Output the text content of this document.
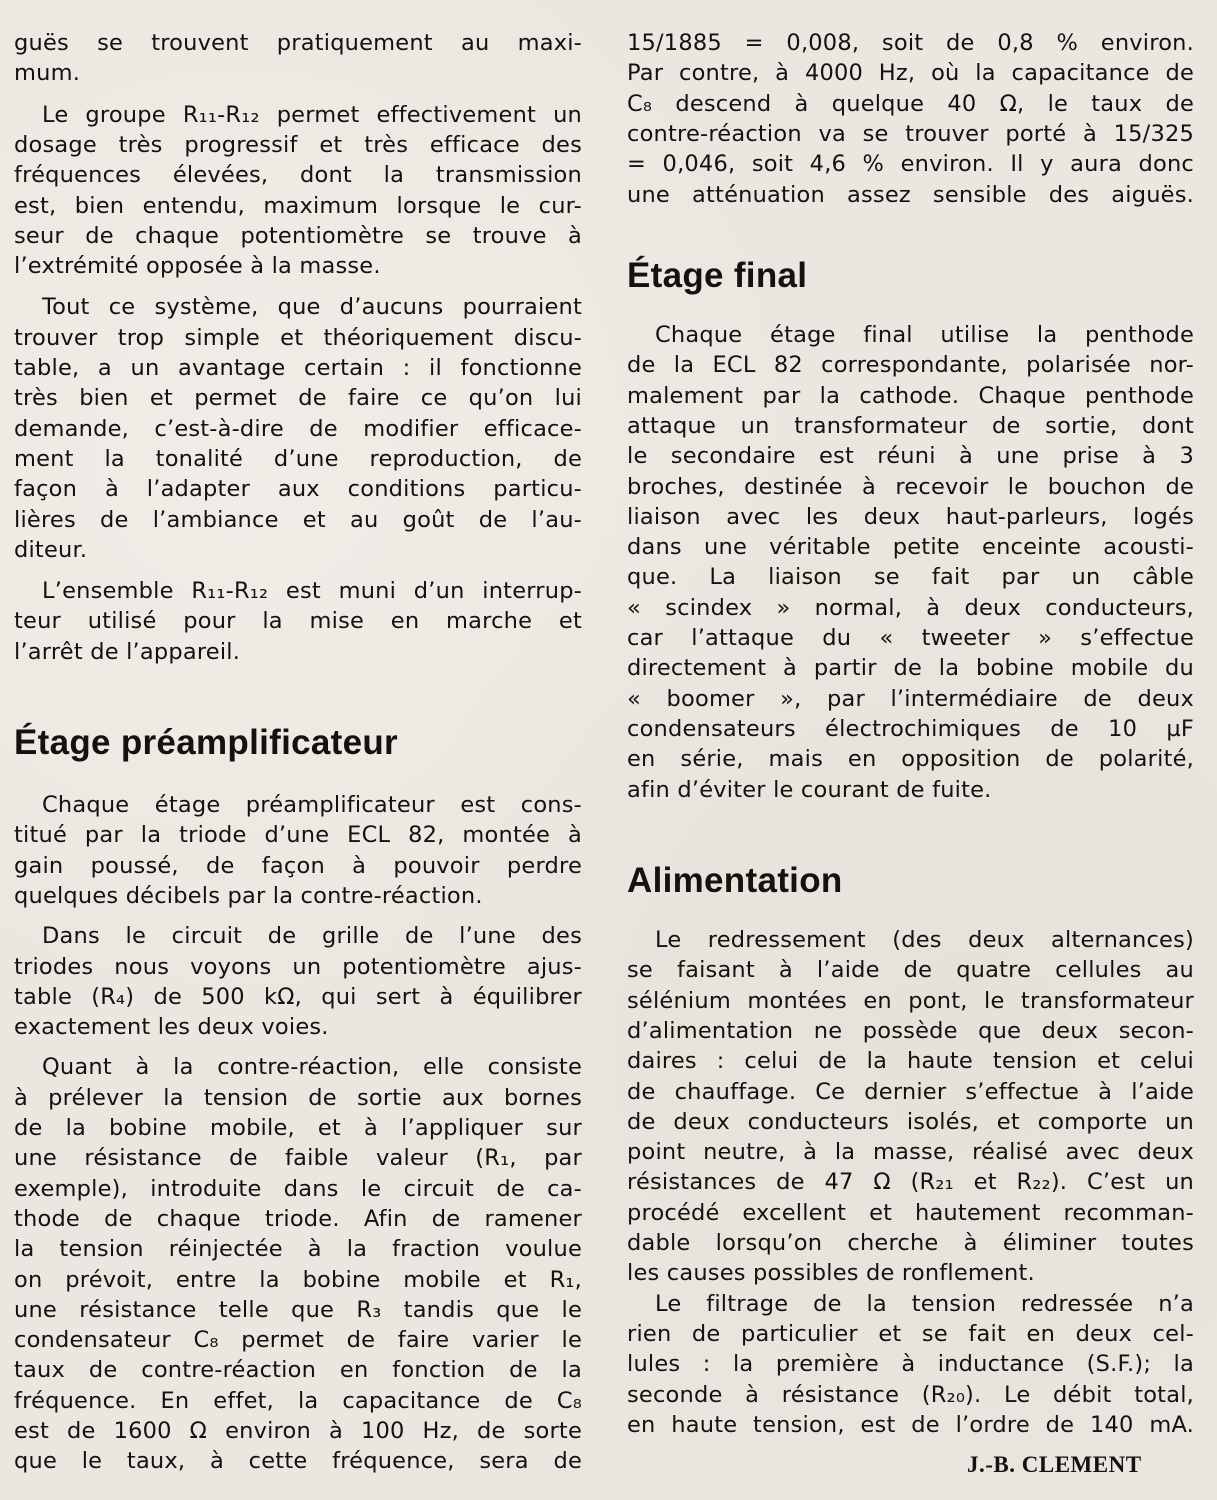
guës se trouvent pratiquement au maxi-
mum.
Le groupe R₁₁-R₁₂ permet effectivement un
dosage très progressif et très efficace des
fréquences élevées, dont la transmission
est, bien entendu, maximum lorsque le cur-
seur de chaque potentiomètre se trouve à
l’extrémité opposée à la masse.
Tout ce système, que d’aucuns pourraient
trouver trop simple et théoriquement discu-
table, a un avantage certain : il fonctionne
très bien et permet de faire ce qu’on lui
demande, c’est-à-dire de modifier efficace-
ment la tonalité d’une reproduction, de
façon à l’adapter aux conditions particu-
lières de l’ambiance et au goût de l’au-
diteur.
L’ensemble R₁₁-R₁₂ est muni d’un interrup-
teur utilisé pour la mise en marche et
l’arrêt de l’appareil.
Étage préamplificateur
Chaque étage préamplificateur est cons-
titué par la triode d’une ECL 82, montée à
gain poussé, de façon à pouvoir perdre
quelques décibels par la contre-réaction.
Dans le circuit de grille de l’une des
triodes nous voyons un potentiomètre ajus-
table (R₄) de 500 kΩ, qui sert à équilibrer
exactement les deux voies.
Quant à la contre-réaction, elle consiste
à prélever la tension de sortie aux bornes
de la bobine mobile, et à l’appliquer sur
une résistance de faible valeur (R₁, par
exemple), introduite dans le circuit de ca-
thode de chaque triode. Afin de ramener
la tension réinjectée à la fraction voulue
on prévoit, entre la bobine mobile et R₁,
une résistance telle que R₃ tandis que le
condensateur C₈ permet de faire varier le
taux de contre-réaction en fonction de la
fréquence. En effet, la capacitance de C₈
est de 1600 Ω environ à 100 Hz, de sorte
que le taux, à cette fréquence, sera de
15/1885 = 0,008, soit de 0,8 % environ.
Par contre, à 4000 Hz, où la capacitance de
C₈ descend à quelque 40 Ω, le taux de
contre-réaction va se trouver porté à 15/325
= 0,046, soit 4,6 % environ. Il y aura donc
une atténuation assez sensible des aiguës.
Étage final
Chaque étage final utilise la penthode
de la ECL 82 correspondante, polarisée nor-
malement par la cathode. Chaque penthode
attaque un transformateur de sortie, dont
le secondaire est réuni à une prise à 3
broches, destinée à recevoir le bouchon de
liaison avec les deux haut-parleurs, logés
dans une véritable petite enceinte acousti-
que. La liaison se fait par un câble
« scindex » normal, à deux conducteurs,
car l’attaque du « tweeter » s’effectue
directement à partir de la bobine mobile du
« boomer », par l’intermédiaire de deux
condensateurs électrochimiques de 10 µF
en série, mais en opposition de polarité,
afin d’éviter le courant de fuite.
Alimentation
Le redressement (des deux alternances)
se faisant à l’aide de quatre cellules au
sélénium montées en pont, le transformateur
d’alimentation ne possède que deux secon-
daires : celui de la haute tension et celui
de chauffage. Ce dernier s’effectue à l’aide
de deux conducteurs isolés, et comporte un
point neutre, à la masse, réalisé avec deux
résistances de 47 Ω (R₂₁ et R₂₂). C’est un
procédé excellent et hautement recomman-
dable lorsqu’on cherche à éliminer toutes
les causes possibles de ronflement.
Le filtrage de la tension redressée n’a
rien de particulier et se fait en deux cel-
lules : la première à inductance (S.F.); la
seconde à résistance (R₂₀). Le débit total,
en haute tension, est de l’ordre de 140 mA.
J.-B. CLEMENT
